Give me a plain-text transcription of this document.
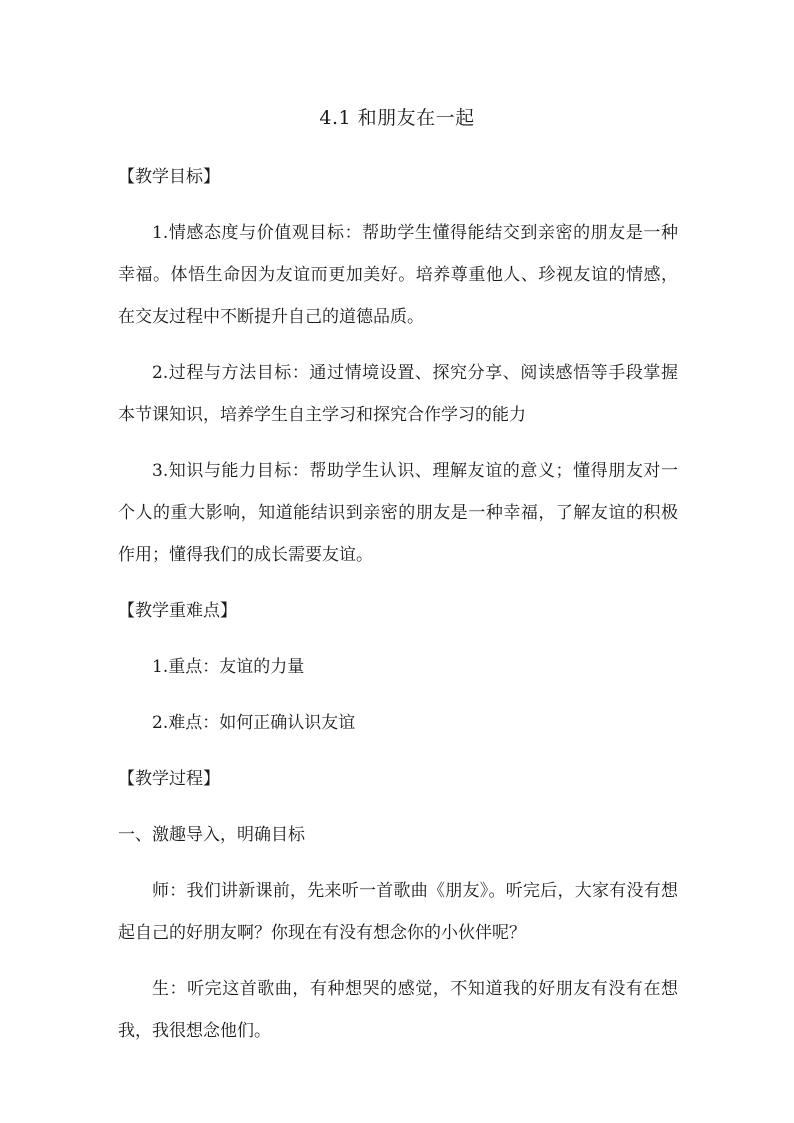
4.1 和朋友在一起

【教学目标】

1.情感态度与价值观目标：帮助学生懂得能结交到亲密的朋友是一种幸福。体悟生命因为友谊而更加美好。培养尊重他人、珍视友谊的情感，在交友过程中不断提升自己的道德品质。

2.过程与方法目标：通过情境设置、探究分享、阅读感悟等手段掌握本节课知识，培养学生自主学习和探究合作学习的能力

3.知识与能力目标：帮助学生认识、理解友谊的意义；懂得朋友对一个人的重大影响，知道能结识到亲密的朋友是一种幸福，了解友谊的积极作用；懂得我们的成长需要友谊。

【教学重难点】

1.重点：友谊的力量

2.难点：如何正确认识友谊

【教学过程】

一、激趣导入，明确目标

师：我们讲新课前，先来听一首歌曲《朋友》。听完后，大家有没有想起自己的好朋友啊？你现在有没有想念你的小伙伴呢？

生：听完这首歌曲，有种想哭的感觉，不知道我的好朋友有没有在想我，我很想念他们。
